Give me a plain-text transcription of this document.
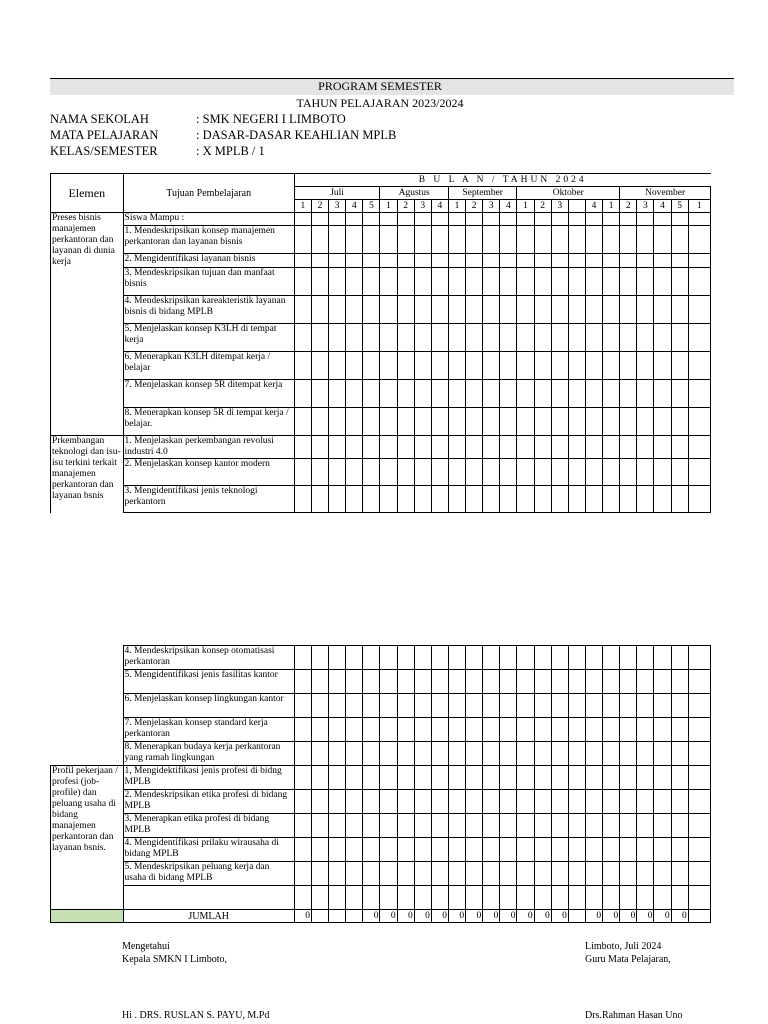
PROGRAM SEMESTER
TAHUN PELAJARAN 2023/2024
NAMA SEKOLAH	: SMK NEGERI I LIMBOTO
MATA PELAJARAN	: DASAR-DASAR KEAHLIAN MPLB
KELAS/SEMESTER	: X MPLB / 1
Elemen	Tujuan Pembelajaran	B U L A N / TAHUN 2024																							
		Juli					Agustus				September				Oktober						November				
		1	2	3	4	5	1	2	3	4	1	2	3	4	1	2	3		4	1	2	3	4	5	1
Preses bisnis manajemen perkantoran dan layanan di dunia kerja	Siswa Mampu :																								
	1. Mendeskripsikan konsep manajemen perkantoran dan layanan bisnis																								
	2. Mengidentifikasi layanan bisnis																								
	3. Mendeskripsikan tujuan dan manfaat bisnis																								
	4. Mendeskripsikan kareakteristik layanan bisnis di bidang MPLB																								
	5. Menjelaskan konsep K3LH di tempat kerja																								
	6. Menerapkan K3LH ditempat kerja / belajar																								
	7. Menjelaskan konsep 5R ditempat kerja																								
	8. Menerapkan konsep 5R di tempat kerja / belajar.																								
Prkembangan teknologi dan isu-isu terkini terkait manajemen perkantoran dan layanan bsnis	1. Menjelaskan perkembangan revolusi industri 4.0																								
	2. Menjelaskan konsep kantor modern																								
	3. Mengidentifikasi jenis teknologi perkantorn																								
	4. Mendeskripsikan konsep otomatisasi perkantoran																								
	5. Mengidentifikasi jenis fasilitas kantor																								
	6. Menjelaskan konsep lingkungan kantor																								
	7. Menjelaskan konsep standard kerja perkantoran																								
	8. Menerapkan budaya kerja perkantoran yang ramah lingkungan																								
Profil pekerjaan / profesi (job-profile) dan peluang usaha di bidang manajemen perkantoran dan layanan bsnis.	1, Mengidektifikasi jenis profesi di bidng MPLB																								
	2. Mendeskripsikan etika profesi di bidang MPLB																								
	3. Menerapkan etika profesi di bidang MPLB																								
	4. Mengidentifikasi prilaku wirausaha di bidang MPLB																								
	5. Mendeskripsikan peluang kerja dan usaha di bidang MPLB																								

	JUMLAH	0				0	0	0	0	0	0	0	0	0	0	0	0		0	0	0	0	0	0	
Mengetahui
Kepala SMKN I Limboto,
Hi . DRS. RUSLAN S. PAYU, M.Pd
Limboto, Juli 2024
Guru Mata Pelajaran,
Drs.Rahman Hasan Uno
